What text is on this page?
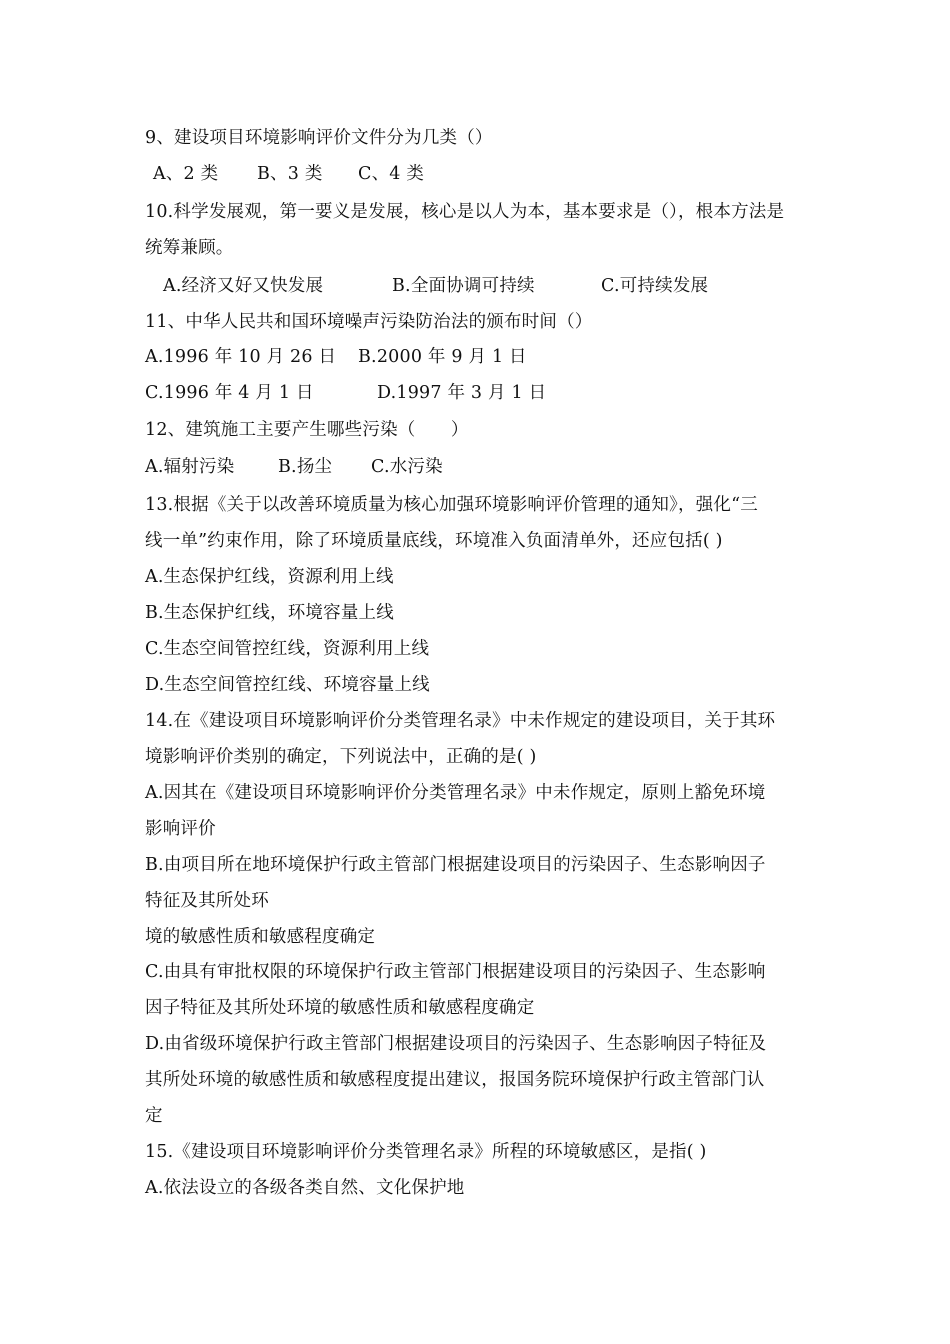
9、建设项目环境影响评价文件分为几类（）
A、2 类 B、3 类 C、4 类
10.科学发展观，第一要义是发展，核心是以人为本，基本要求是（），根本方法是
统筹兼顾。
A.经济又好又快发展	B.全面协调可持续	C.可持续发展
11、中华人民共和国环境噪声污染防治法的颁布时间（）
A.1996 年 10 月 26 日 B.2000 年 9 月 1 日
C.1996 年 4 月 1 日	D.1997 年 3 月 1 日
12、建筑施工主要产生哪些污染（　　）
A.辐射污染 B.扬尘 C.水污染
13.根据《关于以改善环境质量为核心加强环境影响评价管理的通知》，强化“三
线一单”约束作用，除了环境质量底线，环境准入负面清单外，还应包括( )
A.生态保护红线，资源利用上线
B.生态保护红线，环境容量上线
C.生态空间管控红线，资源利用上线
D.生态空间管控红线、环境容量上线
14.在《建设项目环境影响评价分类管理名录》中未作规定的建设项目，关于其环
境影响评价类别的确定，下列说法中，正确的是( )
A.因其在《建设项目环境影响评价分类管理名录》中未作规定，原则上豁免环境
影响评价
B.由项目所在地环境保护行政主管部门根据建设项目的污染因子、生态影响因子
特征及其所处环
境的敏感性质和敏感程度确定
C.由具有审批权限的环境保护行政主管部门根据建设项目的污染因子、生态影响
因子特征及其所处环境的敏感性质和敏感程度确定
D.由省级环境保护行政主管部门根据建设项目的污染因子、生态影响因子特征及
其所处环境的敏感性质和敏感程度提出建议，报国务院环境保护行政主管部门认
定
15.《建设项目环境影响评价分类管理名录》所程的环境敏感区，是指( )
A.依法设立的各级各类自然、文化保护地
